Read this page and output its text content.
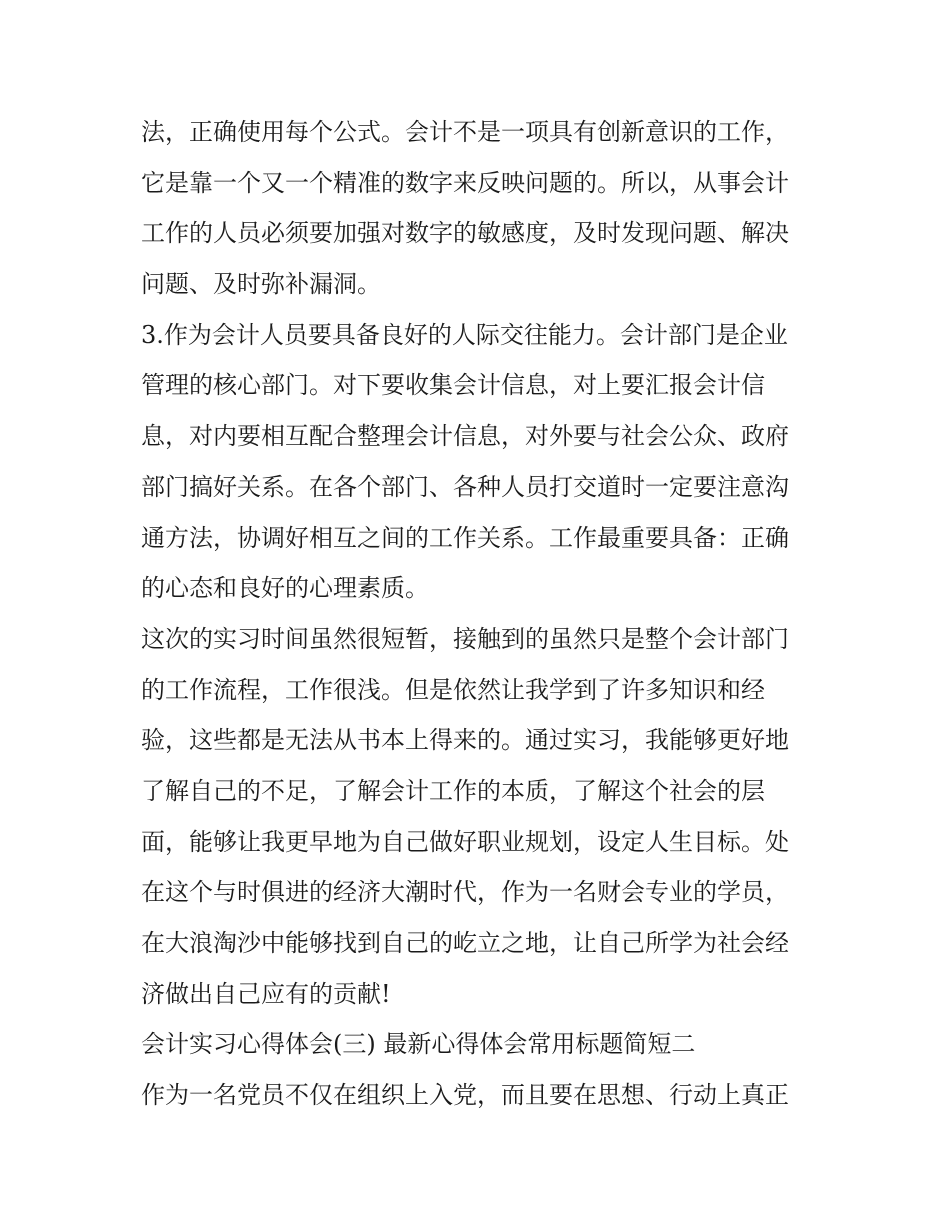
法，正确使用每个公式。会计不是一项具有创新意识的工作，
它是靠一个又一个精准的数字来反映问题的。所以，从事会计
工作的人员必须要加强对数字的敏感度，及时发现问题、解决
问题、及时弥补漏洞。
3.作为会计人员要具备良好的人际交往能力。会计部门是企业
管理的核心部门。对下要收集会计信息，对上要汇报会计信
息，对内要相互配合整理会计信息，对外要与社会公众、政府
部门搞好关系。在各个部门、各种人员打交道时一定要注意沟
通方法，协调好相互之间的工作关系。工作最重要具备：正确
的心态和良好的心理素质。
这次的实习时间虽然很短暂，接触到的虽然只是整个会计部门
的工作流程，工作很浅。但是依然让我学到了许多知识和经
验，这些都是无法从书本上得来的。通过实习，我能够更好地
了解自己的不足，了解会计工作的本质，了解这个社会的层
面，能够让我更早地为自己做好职业规划，设定人生目标。处
在这个与时俱进的经济大潮时代，作为一名财会专业的学员，
在大浪淘沙中能够找到自己的屹立之地，让自己所学为社会经
济做出自己应有的贡献!
会计实习心得体会(三) 最新心得体会常用标题简短二
作为一名党员不仅在组织上入党，而且要在思想、行动上真正
